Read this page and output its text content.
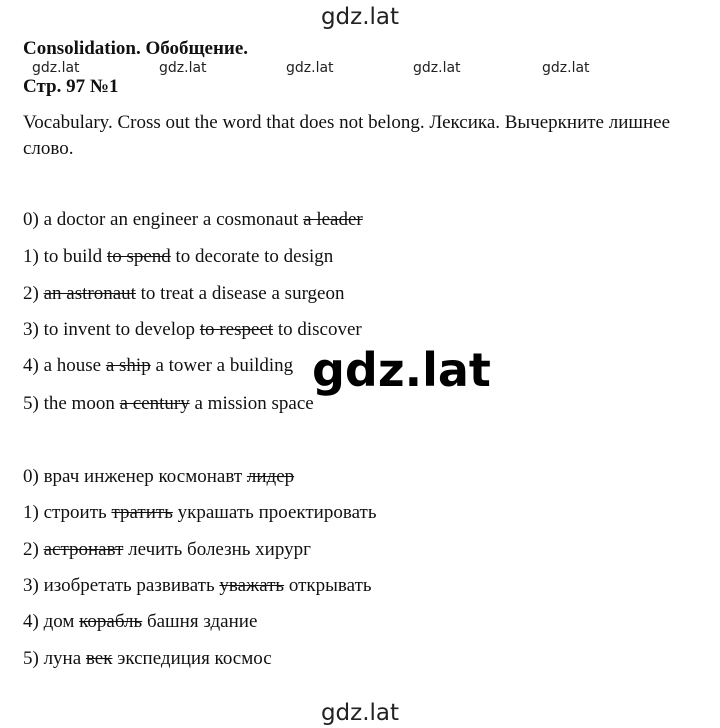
gdz.lat
Consolidation. Обобщение.
gdz.lat	gdz.lat	gdz.lat	gdz.lat	gdz.lat
Стр. 97 №1
Vocabulary. Cross out the word that does not belong. Лексика. Вычеркните лишнее слово.
0) a doctor an engineer a cosmonaut a leader
1) to build to spend to decorate to design
2) an astronaut to treat a disease a surgeon
3) to invent to develop to respect to discover
4) a house a ship a tower a building
5) the moon a century a mission space
gdz.lat
0) врач инженер космонавт лидер
1) строить тратить украшать проектировать
2) астронавт лечить болезнь хирург
3) изобретать развивать уважать открывать
4) дом корабль башня здание
5) луна век экспедиция космос
gdz.lat
